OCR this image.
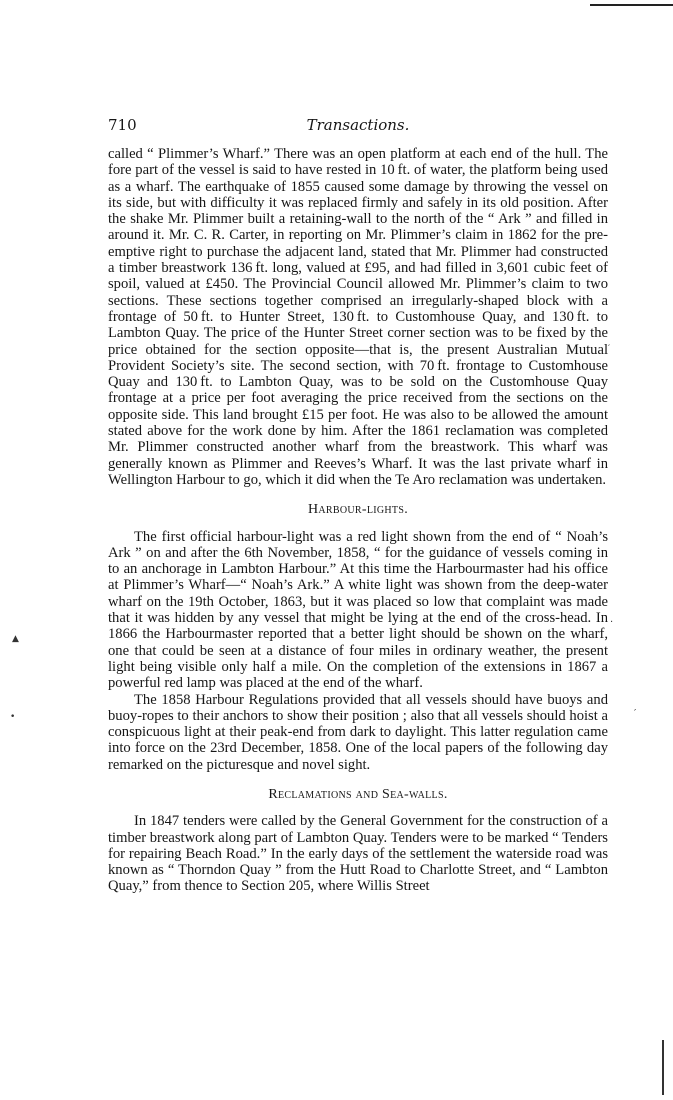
710	Transactions.

called “ Plimmer’s Wharf.” There was an open platform at each end of the hull. The fore part of the vessel is said to have rested in 10 ft. of water, the platform being used as a wharf. The earthquake of 1855 caused some damage by throwing the vessel on its side, but with difficulty it was replaced firmly and safely in its old position. After the shake Mr. Plimmer built a retaining-wall to the north of the “ Ark ” and filled in around it. Mr. C. R. Carter, in reporting on Mr. Plimmer’s claim in 1862 for the pre-emptive right to purchase the adjacent land, stated that Mr. Plimmer had constructed a timber breastwork 136 ft. long, valued at £95, and had filled in 3,601 cubic feet of spoil, valued at £450. The Provincial Council allowed Mr. Plimmer’s claim to two sections. These sections together comprised an irregularly-shaped block with a frontage of 50 ft. to Hunter Street, 130 ft. to Customhouse Quay, and 130 ft. to Lambton Quay. The price of the Hunter Street corner section was to be fixed by the price obtained for the section opposite—that is, the present Australian Mutual Provident Society’s site. The second section, with 70 ft. frontage to Customhouse Quay and 130 ft. to Lambton Quay, was to be sold on the Customhouse Quay frontage at a price per foot averaging the price received from the sections on the opposite side. This land brought £15 per foot. He was also to be allowed the amount stated above for the work done by him. After the 1861 reclamation was completed Mr. Plimmer constructed another wharf from the breastwork. This wharf was generally known as Plimmer and Reeves’s Wharf. It was the last private wharf in Wellington Harbour to go, which it did when the Te Aro reclamation was undertaken.

Harbour-lights.

The first official harbour-light was a red light shown from the end of “ Noah’s Ark ” on and after the 6th November, 1858, “ for the guidance of vessels coming in to an anchorage in Lambton Harbour.” At this time the Harbourmaster had his office at Plimmer’s Wharf—“ Noah’s Ark.” A white light was shown from the deep-water wharf on the 19th October, 1863, but it was placed so low that complaint was made that it was hidden by any vessel that might be lying at the end of the cross-head. In 1866 the Harbourmaster reported that a better light should be shown on the wharf, one that could be seen at a distance of four miles in ordinary weather, the present light being visible only half a mile. On the completion of the extensions in 1867 a powerful red lamp was placed at the end of the wharf.

The 1858 Harbour Regulations provided that all vessels should have buoys and buoy-ropes to their anchors to show their position ; also that all vessels should hoist a conspicuous light at their peak-end from dark to daylight. This latter regulation came into force on the 23rd December, 1858. One of the local papers of the following day remarked on the picturesque and novel sight.

Reclamations and Sea-walls.

In 1847 tenders were called by the General Government for the construction of a timber breastwork along part of Lambton Quay. Tenders were to be marked “ Tenders for repairing Beach Road.” In the early days of the settlement the waterside road was known as “ Thorndon Quay ” from the Hutt Road to Charlotte Street, and “ Lambton Quay,” from thence to Section 205, where Willis Street

▲
•	′
′
.
